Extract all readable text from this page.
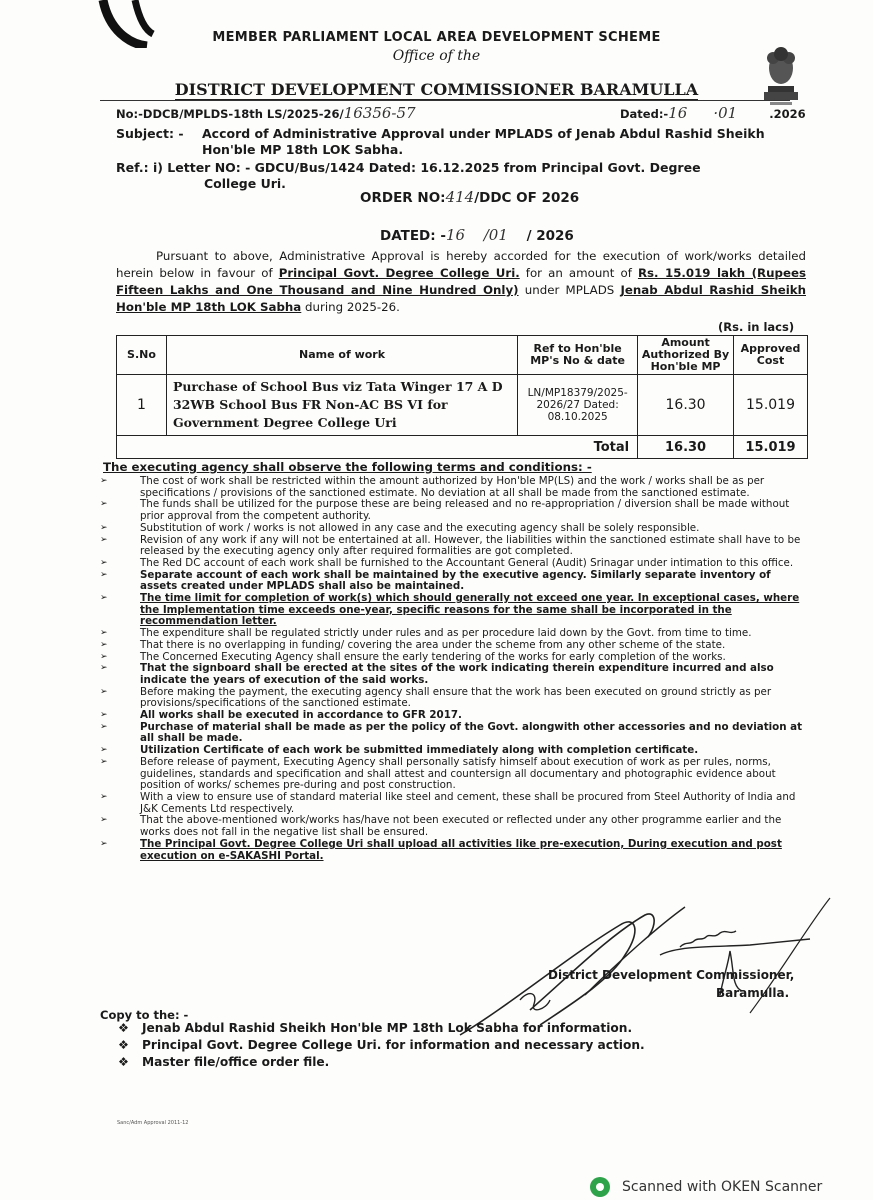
MEMBER PARLIAMENT LOCAL AREA DEVELOPMENT SCHEME
Office of the
DISTRICT DEVELOPMENT COMMISSIONER BARAMULLA
No:-DDCB/MPLDS-18th LS/2025-26/16356-57	Dated:-16 ·01	.2026
Subject: - Accord of Administrative Approval under MPLADS of Jenab Abdul Rashid Sheikh
Hon'ble MP 18th LOK Sabha.
Ref.: i) Letter NO: - GDCU/Bus/1424 Dated: 16.12.2025 from Principal Govt. Degree
College Uri.
ORDER NO:414/DDC OF 2026
DATED: -16 /01 / 2026
Pursuant to above, Administrative Approval is hereby accorded for the execution of work/works detailed herein below in favour of Principal Govt. Degree College Uri. for an amount of Rs. 15.019 lakh (Rupees Fifteen Lakhs and One Thousand and Nine Hundred Only) under MPLADS Jenab Abdul Rashid Sheikh Hon'ble MP 18th LOK Sabha during 2025-26.
(Rs. in lacs)
S.No	Name of work	Ref to Hon'ble MP's No & date	Amount Authorized By Hon'ble MP	Approved Cost
1	Purchase of School Bus viz Tata Winger 17 A D 32WB School Bus FR Non-AC BS VI for Government Degree College Uri	LN/MP18379/2025-2026/27 Dated: 08.10.2025	16.30	15.019
Total			16.30	15.019
The executing agency shall observe the following terms and conditions: -
➢	The cost of work shall be restricted within the amount authorized by Hon'ble MP(LS) and the work / works shall be as per specifications / provisions of the sanctioned estimate. No deviation at all shall be made from the sanctioned estimate.
➢	The funds shall be utilized for the purpose these are being released and no re-appropriation / diversion shall be made without prior approval from the competent authority.
➢	Substitution of work / works is not allowed in any case and the executing agency shall be solely responsible.
➢	Revision of any work if any will not be entertained at all. However, the liabilities within the sanctioned estimate shall have to be released by the executing agency only after required formalities are got completed.
➢	The Red DC account of each work shall be furnished to the Accountant General (Audit) Srinagar under intimation to this office.
➢	Separate account of each work shall be maintained by the executive agency. Similarly separate inventory of assets created under MPLADS shall also be maintained.
➢	The time limit for completion of work(s) which should generally not exceed one year. In exceptional cases, where the Implementation time exceeds one-year, specific reasons for the same shall be incorporated in the recommendation letter.
➢	The expenditure shall be regulated strictly under rules and as per procedure laid down by the Govt. from time to time.
➢	That there is no overlapping in funding/ covering the area under the scheme from any other scheme of the state.
➢	The Concerned Executing Agency shall ensure the early tendering of the works for early completion of the works.
➢	That the signboard shall be erected at the sites of the work indicating therein expenditure incurred and also indicate the years of execution of the said works.
➢	Before making the payment, the executing agency shall ensure that the work has been executed on ground strictly as per provisions/specifications of the sanctioned estimate.
➢	All works shall be executed in accordance to GFR 2017.
➢	Purchase of material shall be made as per the policy of the Govt. alongwith other accessories and no deviation at all shall be made.
➢	Utilization Certificate of each work be submitted immediately along with completion certificate.
➢	Before release of payment, Executing Agency shall personally satisfy himself about execution of work as per rules, norms, guidelines, standards and specification and shall attest and countersign all documentary and photographic evidence about position of works/ schemes pre-during and post construction.
➢	With a view to ensure use of standard material like steel and cement, these shall be procured from Steel Authority of India and J&K Cements Ltd respectively.
➢	That the above-mentioned work/works has/have not been executed or reflected under any other programme earlier and the works does not fall in the negative list shall be ensured.
➢	The Principal Govt. Degree College Uri shall upload all activities like pre-execution, During execution and post execution on e-SAKASHI Portal.
District Development Commissioner,
Baramulla.
Copy to the: -
❖ Jenab Abdul Rashid Sheikh Hon'ble MP 18th Lok Sabha for information.
❖ Principal Govt. Degree College Uri. for information and necessary action.
❖ Master file/office order file.
Sanc/Adm Approval 2011-12
Scanned with OKEN Scanner
